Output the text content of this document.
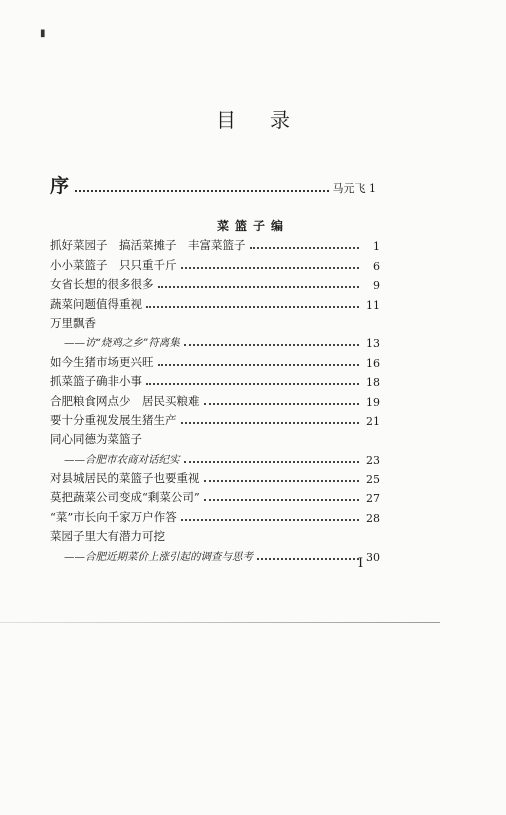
▮
目录
序	马元飞 1
菜篮子编
抓好菜园子　搞活菜摊子　丰富菜篮子	1
小小菜篮子　只只重千斤	6
女省长想的很多很多	9
蔬菜问题值得重视	11
万里飘香
——访“烧鸡之乡”符离集	13
如今生猪市场更兴旺	16
抓菜篮子确非小事	18
合肥粮食网点少　居民买粮难	19
要十分重视发展生猪生产	21
同心同德为菜篮子
——合肥市农商对话纪实	23
对县城居民的菜篮子也要重视	25
莫把蔬菜公司变成“剩菜公司”	27
“菜”市长向千家万户作答	28
菜园子里大有潜力可挖
——合肥近期菜价上涨引起的调查与思考	30
I
